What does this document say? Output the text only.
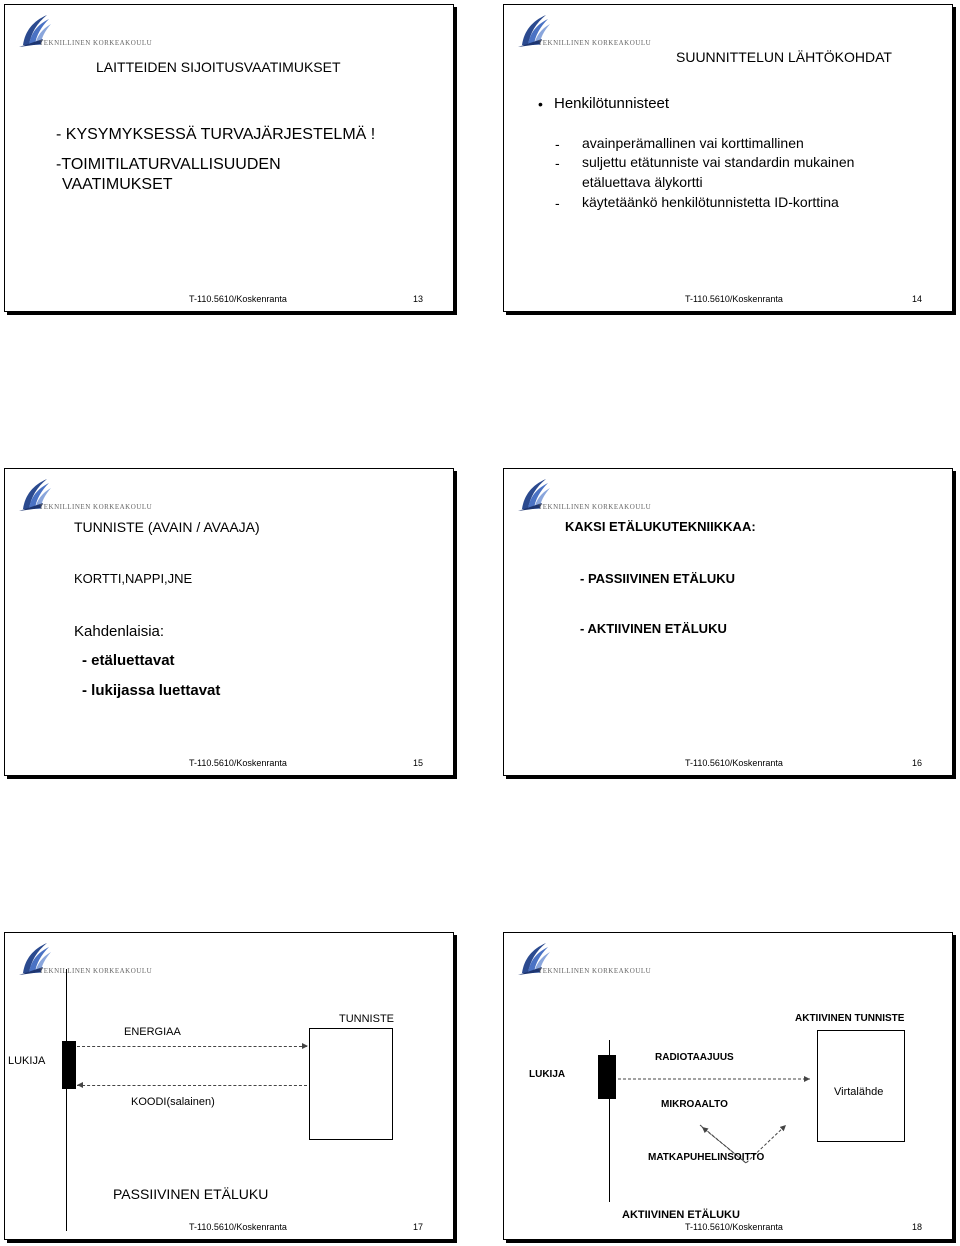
TEKNILLINEN KORKEAKOULU
LAITTEIDEN SIJOITUSVAATIMUKSET
- KYSYMYKSESSÄ TURVAJÄRJESTELMÄ !
-TOIMITILATURVALLISUUDEN
VAATIMUKSET
T-110.5610/Koskenranta	13
TEKNILLINEN KORKEAKOULU
SUUNNITTELUN LÄHTÖKOHDAT
• Henkilötunnisteet
- avainperämallinen vai korttimallinen
- suljettu etätunniste vai standardin mukainen
etäluettava älykortti
- käytetäänkö henkilötunnistetta ID-korttina
T-110.5610/Koskenranta	14
TEKNILLINEN KORKEAKOULU
TUNNISTE (AVAIN / AVAAJA)
KORTTI,NAPPI,JNE
Kahdenlaisia:
- etäluettavat
- lukijassa luettavat
T-110.5610/Koskenranta	15
TEKNILLINEN KORKEAKOULU
KAKSI ETÄLUKUTEKNIIKKAA:
- PASSIIVINEN ETÄLUKU
- AKTIIVINEN ETÄLUKU
T-110.5610/Koskenranta	16
TEKNILLINEN KORKEAKOULU
ENERGIAA
TUNNISTE
LUKIJA
KOODI(salainen)
PASSIIVINEN ETÄLUKU
T-110.5610/Koskenranta	17
TEKNILLINEN KORKEAKOULU
AKTIIVINEN TUNNISTE
LUKIJA
RADIOTAAJUUS
MIKROAALTO
Virtalähde
MATKAPUHELINSOITTO
AKTIIVINEN ETÄLUKU
T-110.5610/Koskenranta	18
